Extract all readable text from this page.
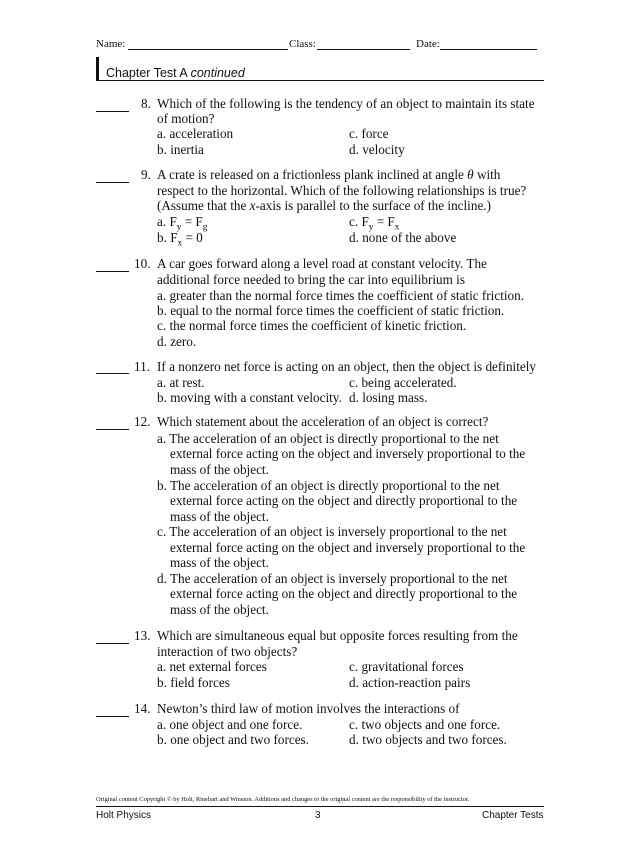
Name:	Class:	Date:
Chapter Test A continued
8. Which of the following is the tendency of an object to maintain its state
of motion?
a. acceleration	c. force
b. inertia	d. velocity
9. A crate is released on a frictionless plank inclined at angle θ with
respect to the horizontal. Which of the following relationships is true?
(Assume that the x-axis is parallel to the surface of the incline.)
a. $F_y = F_g$	c. $F_y = F_x$
b. $F_x = 0$	d. none of the above
10. A car goes forward along a level road at constant velocity. The
additional force needed to bring the car into equilibrium is
a. greater than the normal force times the coefficient of static friction.
b. equal to the normal force times the coefficient of static friction.
c. the normal force times the coefficient of kinetic friction.
d. zero.
11. If a nonzero net force is acting on an object, then the object is definitely
a. at rest.	c. being accelerated.
b. moving with a constant velocity. d. losing mass.
12. Which statement about the acceleration of an object is correct?
a. The acceleration of an object is directly proportional to the net
external force acting on the object and inversely proportional to the
mass of the object.
b. The acceleration of an object is directly proportional to the net
external force acting on the object and directly proportional to the
mass of the object.
c. The acceleration of an object is inversely proportional to the net
external force acting on the object and inversely proportional to the
mass of the object.
d. The acceleration of an object is inversely proportional to the net
external force acting on the object and directly proportional to the
mass of the object.
13. Which are simultaneous equal but opposite forces resulting from the
interaction of two objects?
a. net external forces	c. gravitational forces
b. field forces	d. action-reaction pairs
14. Newton’s third law of motion involves the interactions of
a. one object and one force.	c. two objects and one force.
b. one object and two forces.	d. two objects and two forces.
Original content Copyright © by Holt, Rinehart and Winston. Additions and changes to the original content are the responsibility of the instructor.
Holt Physics	3	Chapter Tests
